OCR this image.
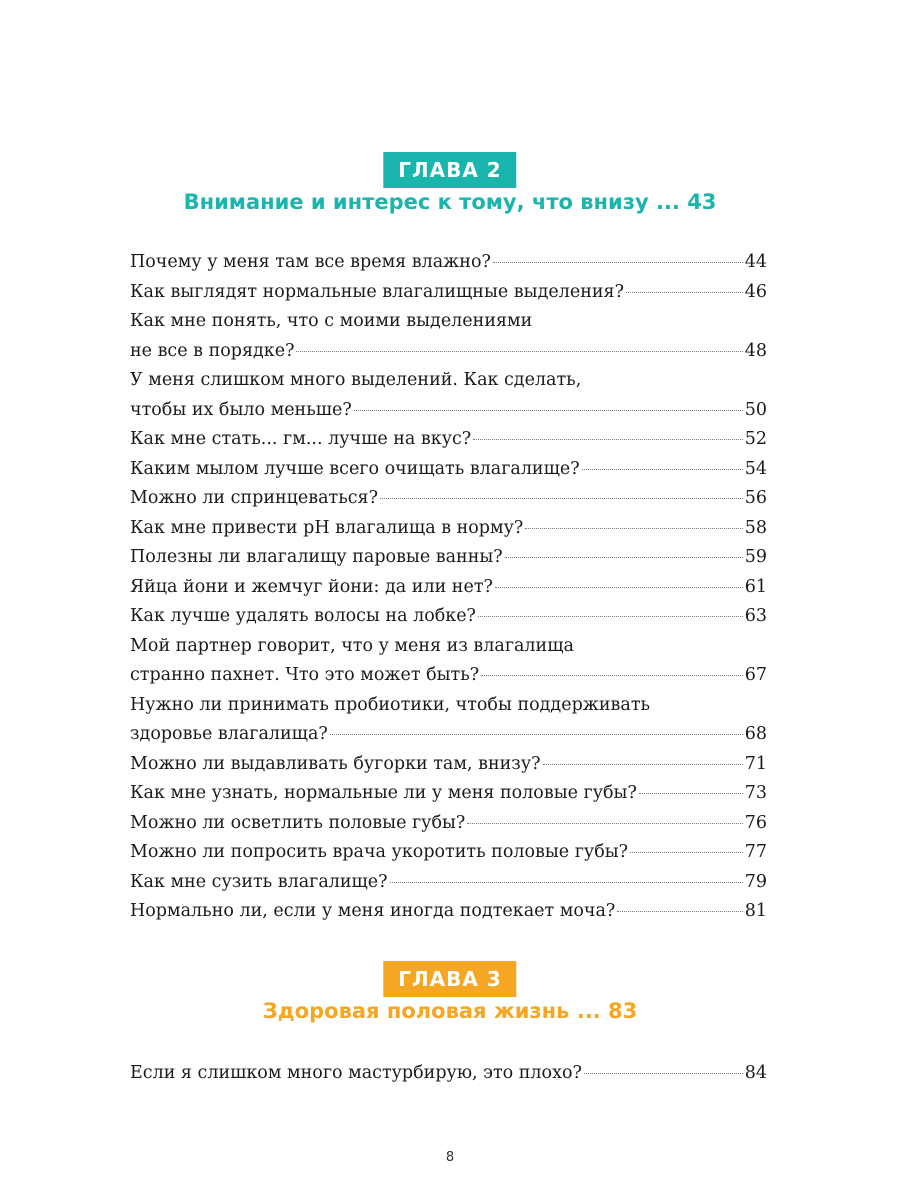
ГЛАВА 2
Внимание и интерес к тому, что внизу ... 43
Почему у меня там все время влажно?	44
Как выглядят нормальные влагалищные выделения?	46
Как мне понять, что с моими выделениями
не все в порядке?	48
У меня слишком много выделений. Как сделать,
чтобы их было меньше?	50
Как мне стать... гм... лучше на вкус?	52
Каким мылом лучше всего очищать влагалище?	54
Можно ли спринцеваться?	56
Как мне привести pH влагалища в норму?	58
Полезны ли влагалищу паровые ванны?	59
Яйца йони и жемчуг йони: да или нет?	61
Как лучше удалять волосы на лобке?	63
Мой партнер говорит, что у меня из влагалища
странно пахнет. Что это может быть?	67
Нужно ли принимать пробиотики, чтобы поддерживать
здоровье влагалища?	68
Можно ли выдавливать бугорки там, внизу?	71
Как мне узнать, нормальные ли у меня половые губы?	73
Можно ли осветлить половые губы?	76
Можно ли попросить врача укоротить половые губы?	77
Как мне сузить влагалище?	79
Нормально ли, если у меня иногда подтекает моча?	81
ГЛАВА 3
Здоровая половая жизнь ... 83
Если я слишком много мастурбирую, это плохо?	84
8
